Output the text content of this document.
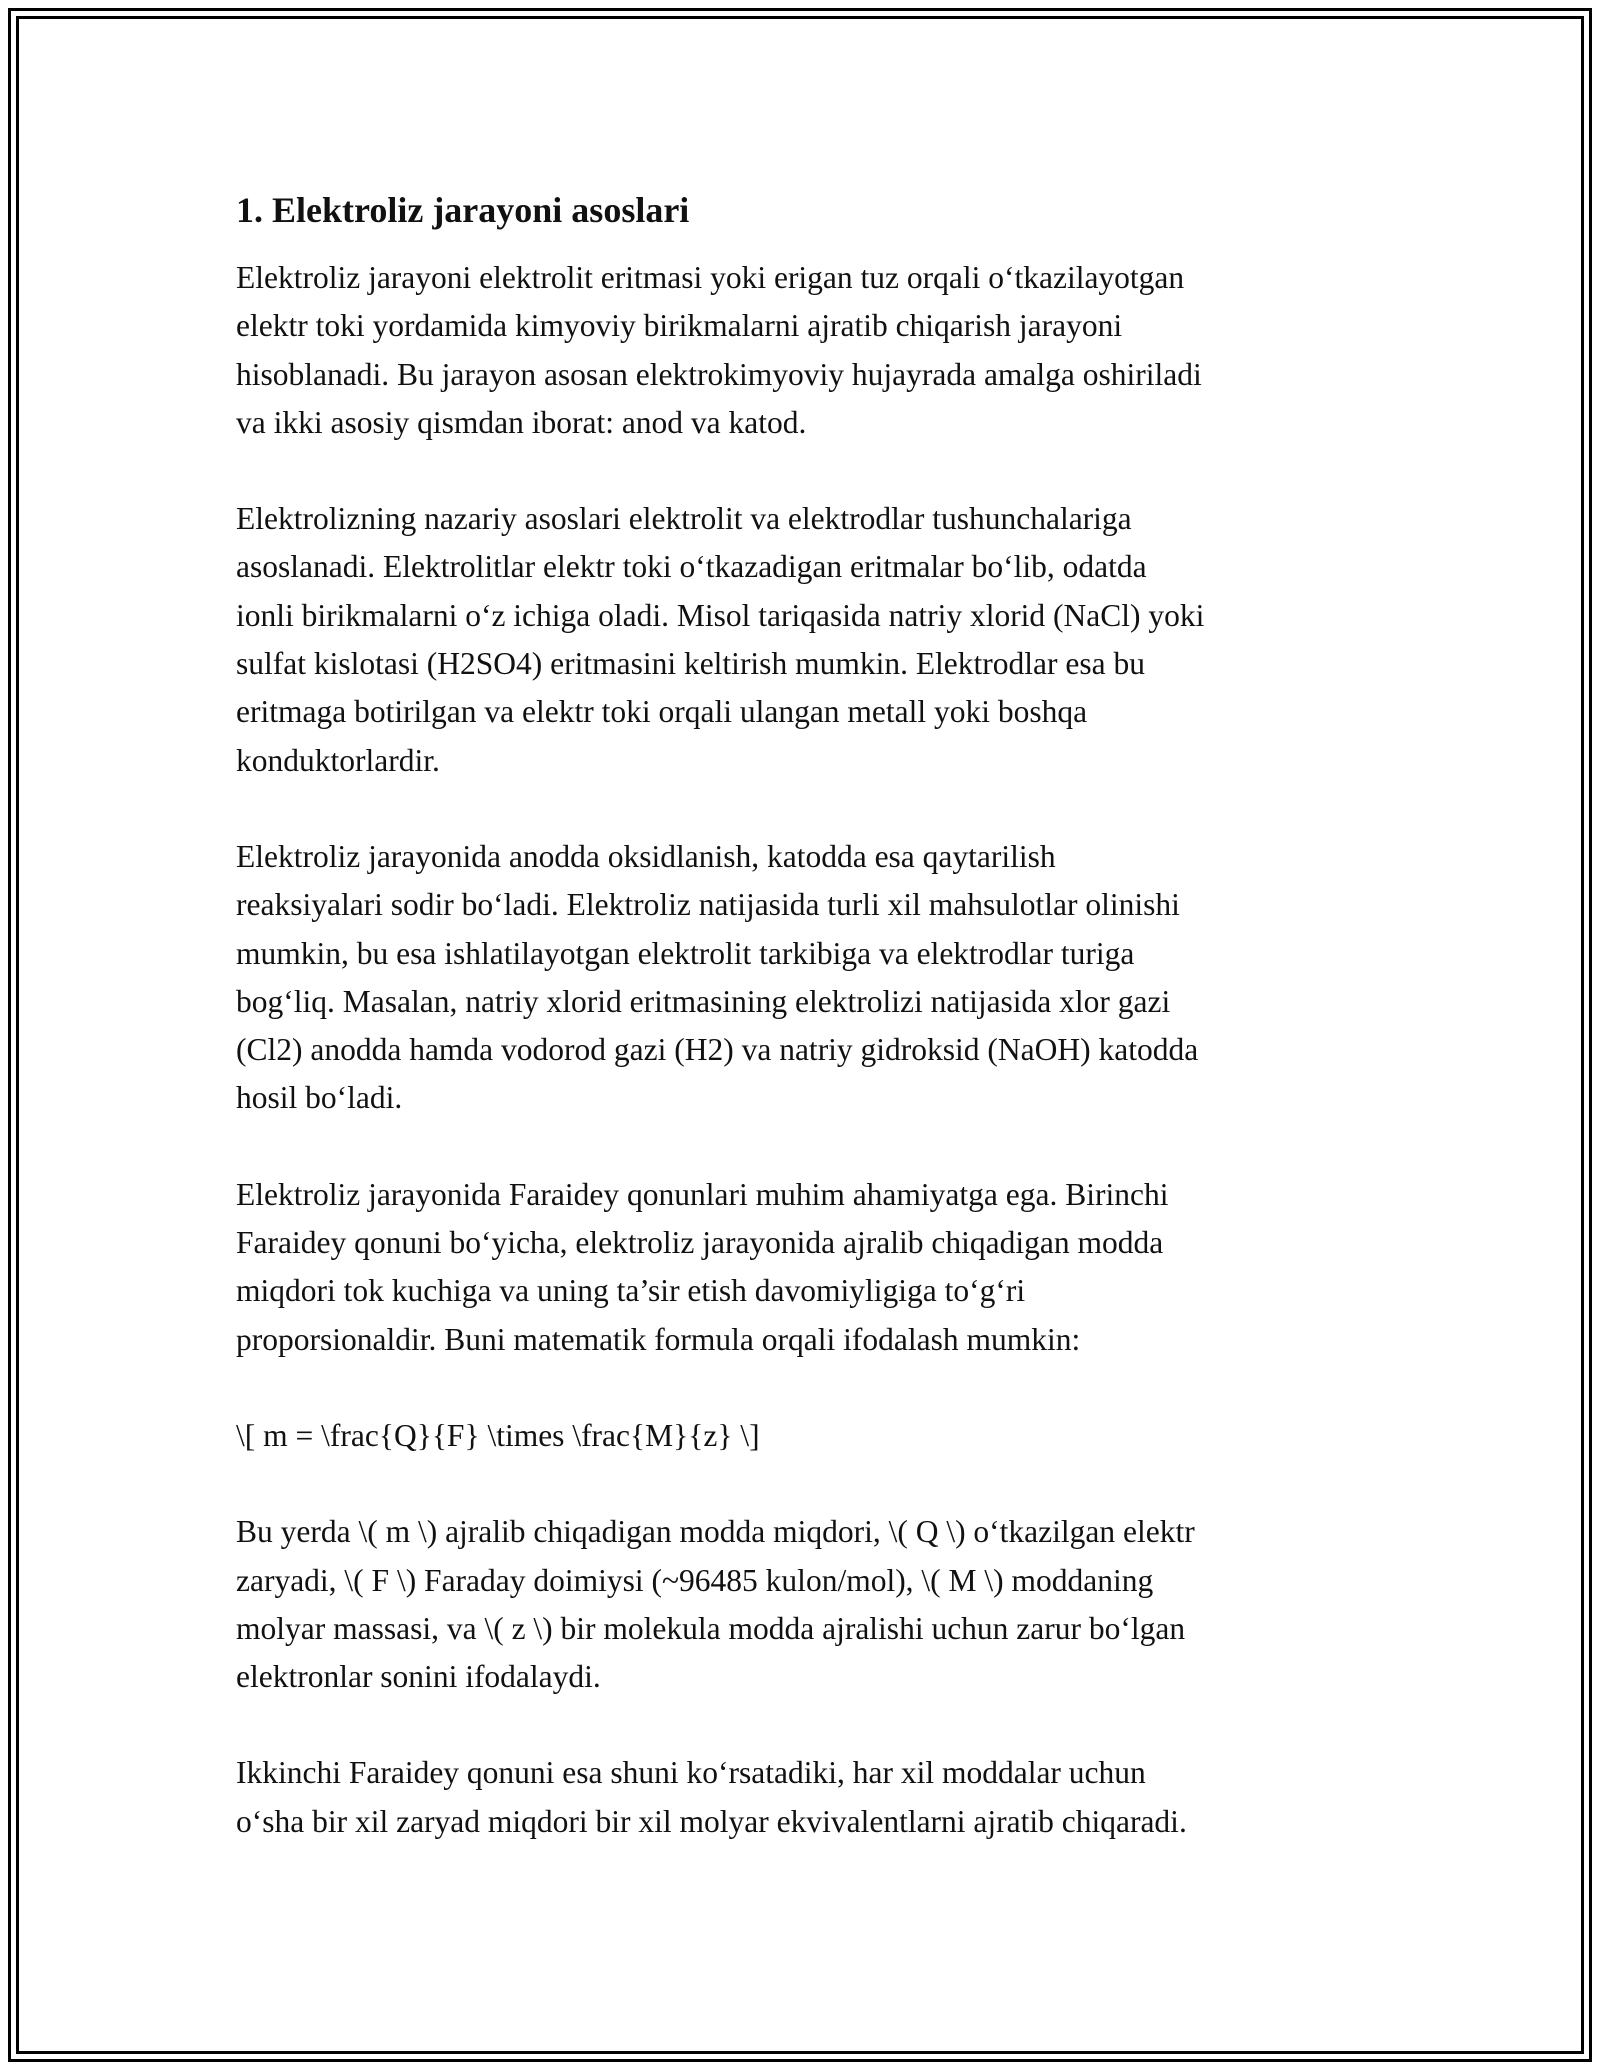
1. Elektroliz jarayoni asoslari
Elektroliz jarayoni elektrolit eritmasi yoki erigan tuz orqali o‘tkazilayotgan
elektr toki yordamida kimyoviy birikmalarni ajratib chiqarish jarayoni
hisoblanadi. Bu jarayon asosan elektrokimyoviy hujayrada amalga oshiriladi
va ikki asosiy qismdan iborat: anod va katod.
Elektrolizning nazariy asoslari elektrolit va elektrodlar tushunchalariga
asoslanadi. Elektrolitlar elektr toki o‘tkazadigan eritmalar bo‘lib, odatda
ionli birikmalarni o‘z ichiga oladi. Misol tariqasida natriy xlorid (NaCl) yoki
sulfat kislotasi (H2SO4) eritmasini keltirish mumkin. Elektrodlar esa bu
eritmaga botirilgan va elektr toki orqali ulangan metall yoki boshqa
konduktorlardir.
Elektroliz jarayonida anodda oksidlanish, katodda esa qaytarilish
reaksiyalari sodir bo‘ladi. Elektroliz natijasida turli xil mahsulotlar olinishi
mumkin, bu esa ishlatilayotgan elektrolit tarkibiga va elektrodlar turiga
bog‘liq. Masalan, natriy xlorid eritmasining elektrolizi natijasida xlor gazi
(Cl2) anodda hamda vodorod gazi (H2) va natriy gidroksid (NaOH) katodda
hosil bo‘ladi.
Elektroliz jarayonida Faraidey qonunlari muhim ahamiyatga ega. Birinchi
Faraidey qonuni bo‘yicha, elektroliz jarayonida ajralib chiqadigan modda
miqdori tok kuchiga va uning ta’sir etish davomiyligiga to‘g‘ri
proporsionaldir. Buni matematik formula orqali ifodalash mumkin:
\[ m = \frac{Q}{F} \times \frac{M}{z} \]
Bu yerda \( m \) ajralib chiqadigan modda miqdori, \( Q \) o‘tkazilgan elektr
zaryadi, \( F \) Faraday doimiysi (~96485 kulon/mol), \( M \) moddaning
molyar massasi, va \( z \) bir molekula modda ajralishi uchun zarur bo‘lgan
elektronlar sonini ifodalaydi.
Ikkinchi Faraidey qonuni esa shuni ko‘rsatadiki, har xil moddalar uchun
o‘sha bir xil zaryad miqdori bir xil molyar ekvivalentlarni ajratib chiqaradi.
